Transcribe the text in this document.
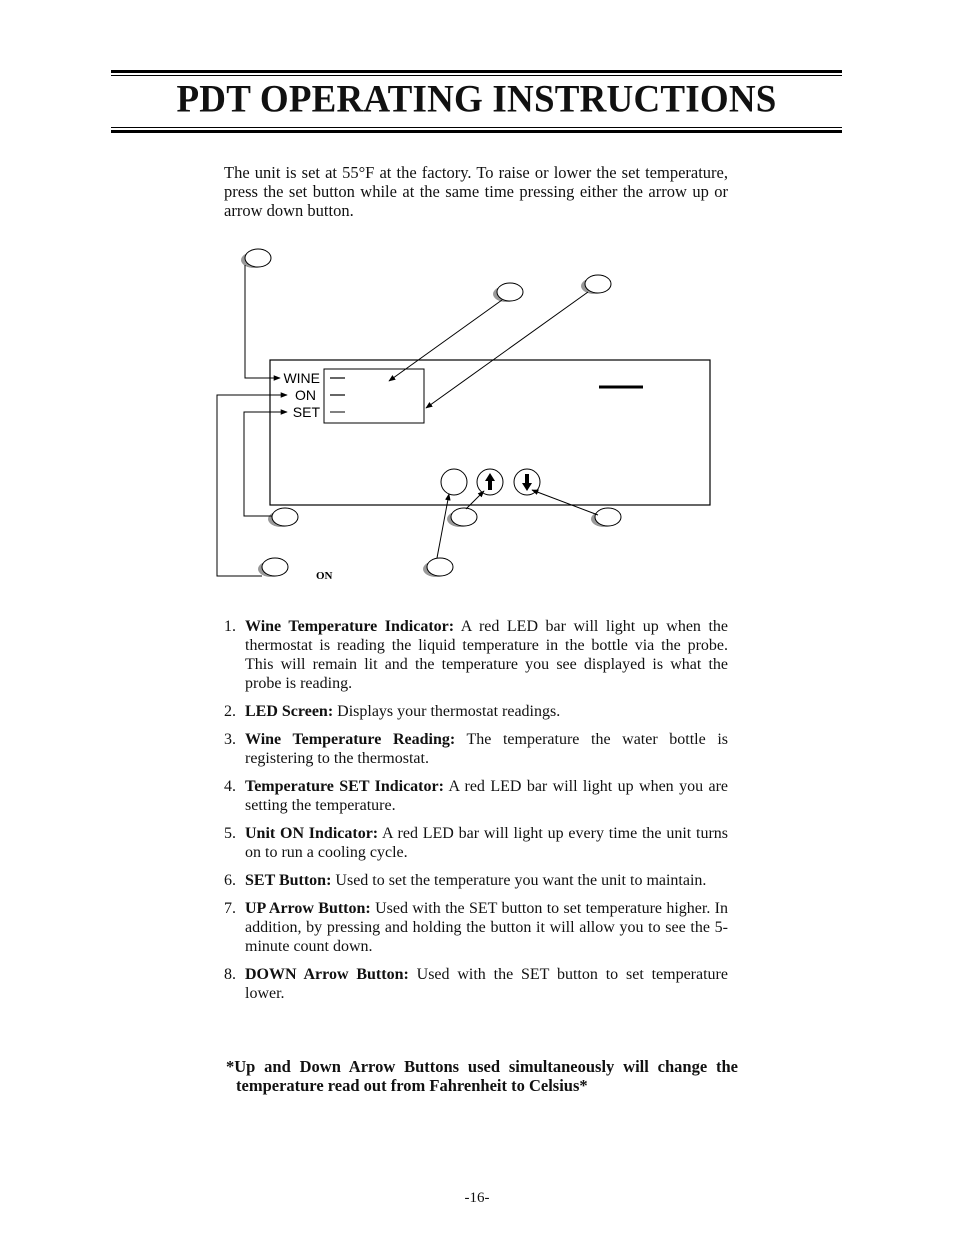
PDT OPERATING INSTRUCTIONS

The unit is set at 55°F at the factory. To raise or lower the set temperature, press the set button while at the same time pressing either the arrow up or arrow down button.

WINE
ON
SET
ON
1. Wine Temperature Indicator: A red LED bar will light up when the thermostat is reading the liquid temperature in the bottle via the probe. This will remain lit and the temperature you see displayed is what the probe is reading.
2. LED Screen: Displays your thermostat readings.
3. Wine Temperature Reading: The temperature the water bottle is registering to the thermostat.
4. Temperature SET Indicator: A red LED bar will light up when you are setting the temperature.
5. Unit ON Indicator: A red LED bar will light up every time the unit turns on to run a cooling cycle.
6. SET Button: Used to set the temperature you want the unit to maintain.
7. UP Arrow Button: Used with the SET button to set temperature higher. In addition, by pressing and holding the button it will allow you to see the 5-minute count down.
8. DOWN Arrow Button: Used with the SET button to set temperature lower.

*Up and Down Arrow Buttons used simultaneously will change the temperature read out from Fahrenheit to Celsius*

-16-
